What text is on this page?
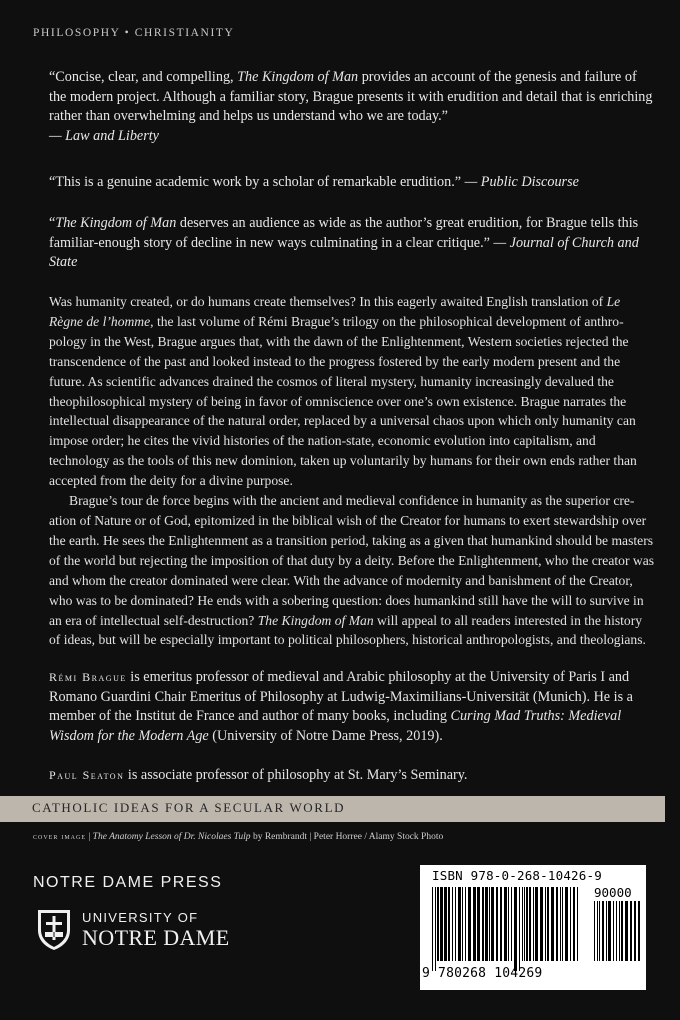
PHILOSOPHY • CHRISTIANITY
“Concise, clear, and compelling, The Kingdom of Man provides an account of the genesis and failure of the modern project. Although a familiar story, Brague presents it with erudition and detail that is enriching rather than overwhelming and helps us understand who we are today.”
— Law and Liberty
“This is a genuine academic work by a scholar of remarkable erudition.” — Public Discourse
“The Kingdom of Man deserves an audience as wide as the author’s great erudition, for Brague tells this familiar-enough story of decline in new ways culminating in a clear critique.” — Journal of Church and State

Was humanity created, or do humans create themselves? In this eagerly awaited English translation of Le Règne de l’homme, the last volume of Rémi Brague’s trilogy on the philosophical development of anthropology in the West, Brague argues that, with the dawn of the Enlightenment, Western societies rejected the transcendence of the past and looked instead to the progress fostered by the early modern present and the future. As scientific advances drained the cosmos of literal mystery, humanity increasingly devalued the theophilosophical mystery of being in favor of omniscience over one’s own existence. Brague narrates the intellectual disappearance of the natural order, replaced by a universal chaos upon which only humanity can impose order; he cites the vivid histories of the nation-state, economic evolution into capitalism, and technology as the tools of this new dominion, taken up voluntarily by humans for their own ends rather than accepted from the deity for a divine purpose.

Brague’s tour de force begins with the ancient and medieval confidence in humanity as the superior creation of Nature or of God, epitomized in the biblical wish of the Creator for humans to exert stewardship over the earth. He sees the Enlightenment as a transition period, taking as a given that humankind should be masters of the world but rejecting the imposition of that duty by a deity. Before the Enlightenment, who the creator was and whom the creator dominated were clear. With the advance of modernity and banishment of the Creator, who was to be dominated? He ends with a sobering question: does humankind still have the will to survive in an era of intellectual self-destruction? The Kingdom of Man will appeal to all readers interested in the history of ideas, but will be especially important to political philosophers, historical anthropologists, and theologians.

Rémi Brague is emeritus professor of medieval and Arabic philosophy at the University of Paris I and Romano Guardini Chair Emeritus of Philosophy at Ludwig-Maximilians-Universität (Munich). He is a member of the Institut de France and author of many books, including Curing Mad Truths: Medieval Wisdom for the Modern Age (University of Notre Dame Press, 2019).
Paul Seaton is associate professor of philosophy at St. Mary’s Seminary.
CATHOLIC IDEAS FOR A SECULAR WORLD
cover image | The Anatomy Lesson of Dr. Nicolaes Tulp by Rembrandt | Peter Horree / Alamy Stock Photo
NOTRE DAME PRESS
UNIVERSITY OF
NOTRE DAME
ISBN 978-0-268-10426-9
90000
9 780268 104269
